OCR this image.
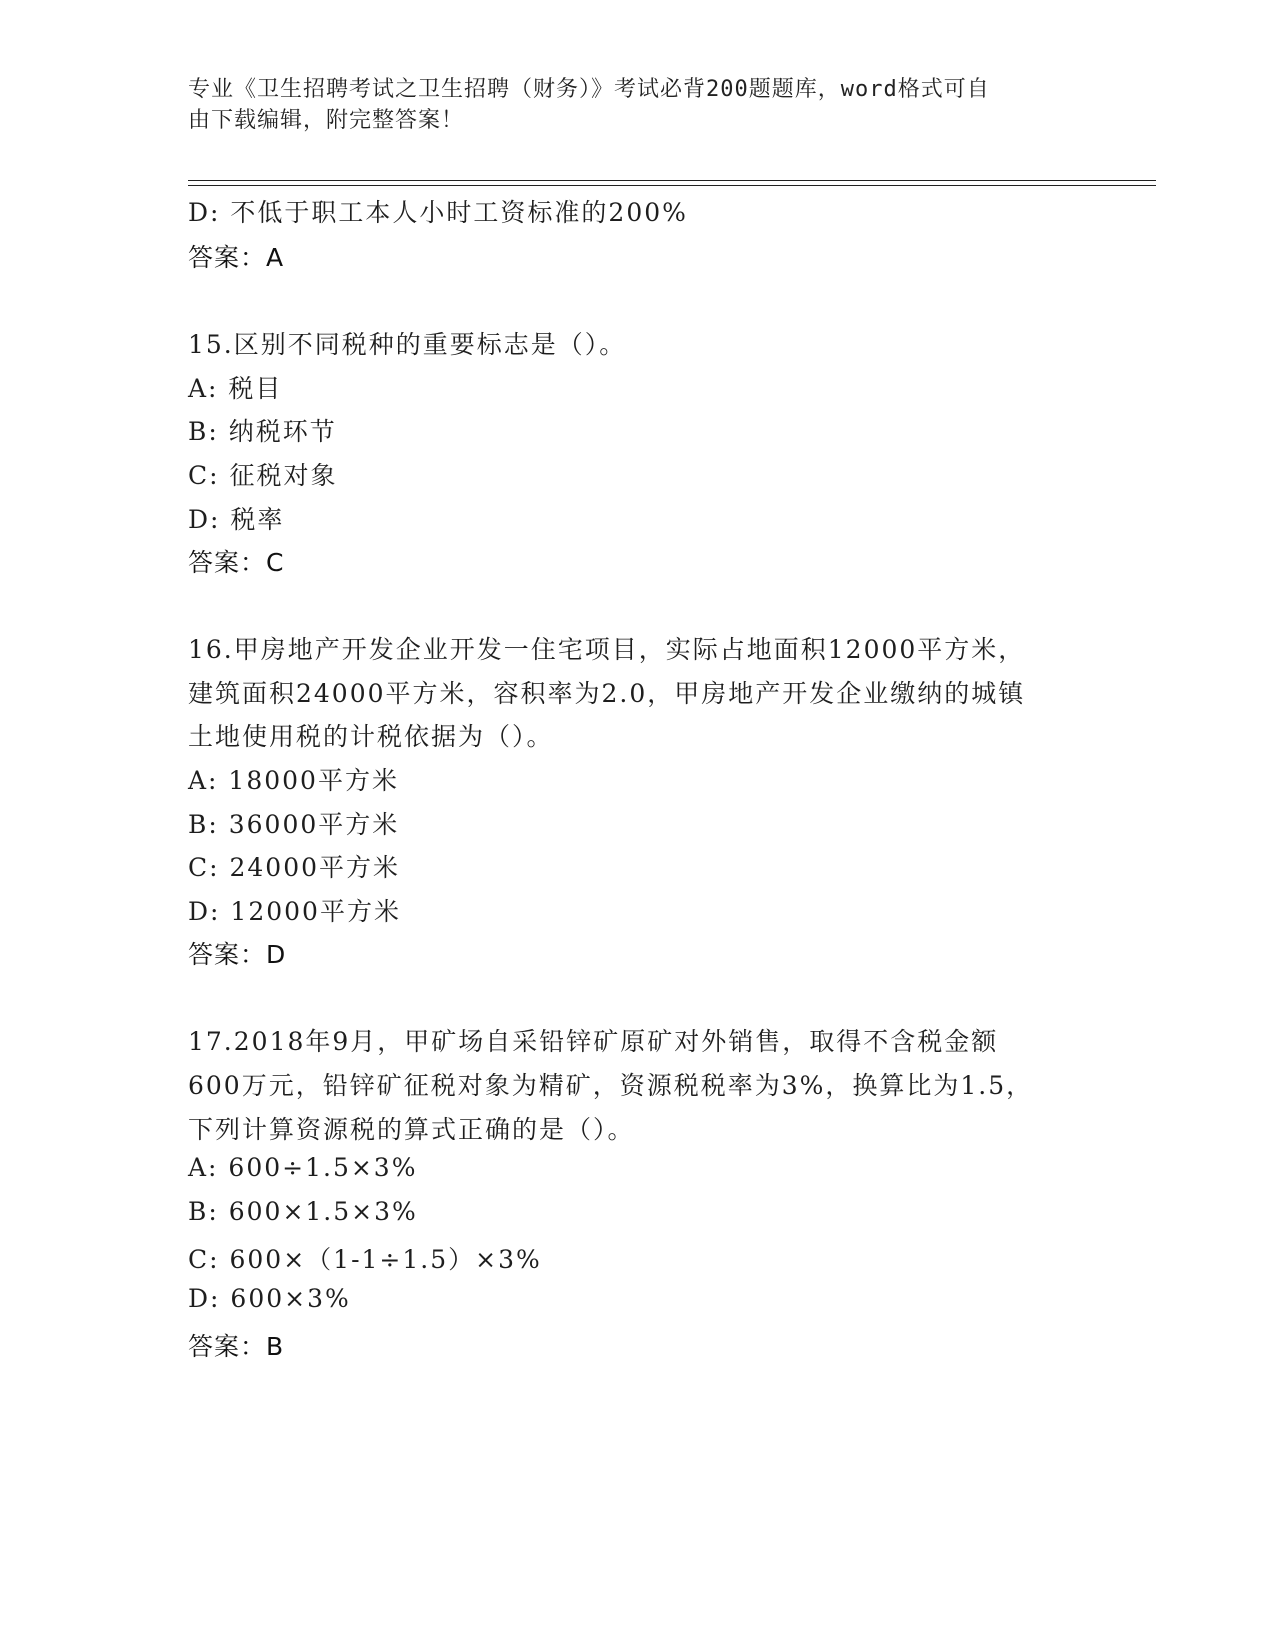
专业《卫生招聘考试之卫生招聘（财务）》考试必背200题题库，word格式可自
由下载编辑，附完整答案！
D: 不低于职工本人小时工资标准的200%
答案：A
15.区别不同税种的重要标志是（）。
A: 税目
B: 纳税环节
C: 征税对象
D: 税率
答案：C
16.甲房地产开发企业开发一住宅项目，实际占地面积12000平方米，
建筑面积24000平方米，容积率为2.0，甲房地产开发企业缴纳的城镇
土地使用税的计税依据为（）。
A: 18000平方米
B: 36000平方米
C: 24000平方米
D: 12000平方米
答案：D
17.2018年9月，甲矿场自采铅锌矿原矿对外销售，取得不含税金额
600万元，铅锌矿征税对象为精矿，资源税税率为3%，换算比为1.5，
下列计算资源税的算式正确的是（）。
A: 600÷1.5×3%
B: 600×1.5×3%
C: 600×（1-1÷1.5）×3%
D: 600×3%
答案：B
